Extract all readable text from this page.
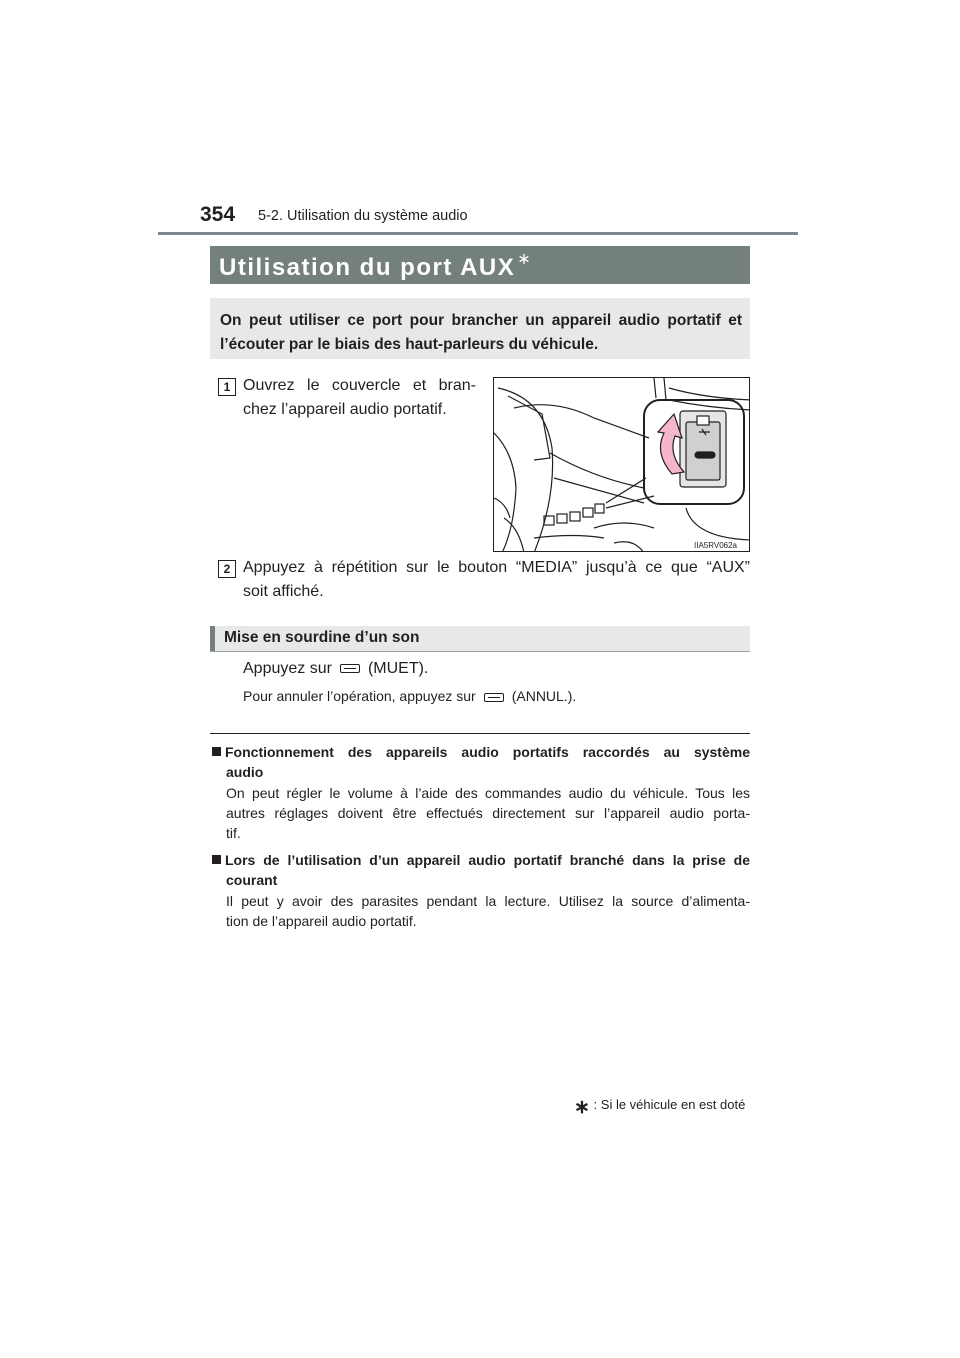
354 5-2. Utilisation du système audio
Utilisation du port AUX ∗

On peut utiliser ce port pour brancher un appareil audio portatif et l’écouter par le biais des haut-parleurs du véhicule.

1 Ouvrez le couvercle et bran-
chez l’appareil audio portatif.
IIA5RV062a
2 Appuyez à répétition sur le bouton “MEDIA” jusqu’à ce que “AUX”
soit affiché.
Mise en sourdine d’un son
Appuyez sur (MUET).
Pour annuler l’opération, appuyez sur	(ANNUL.).
Fonctionnement des appareils audio portatifs raccordés au système
audio
On peut régler le volume à l’aide des commandes audio du véhicule. Tous les
autres réglages doivent être effectués directement sur l’appareil audio porta-
tif.
Lors de l’utilisation d’un appareil audio portatif branché dans la prise de
courant
Il peut y avoir des parasites pendant la lecture. Utilisez la source d’alimenta-
tion de l’appareil audio portatif.
∗ : Si le véhicule en est doté
